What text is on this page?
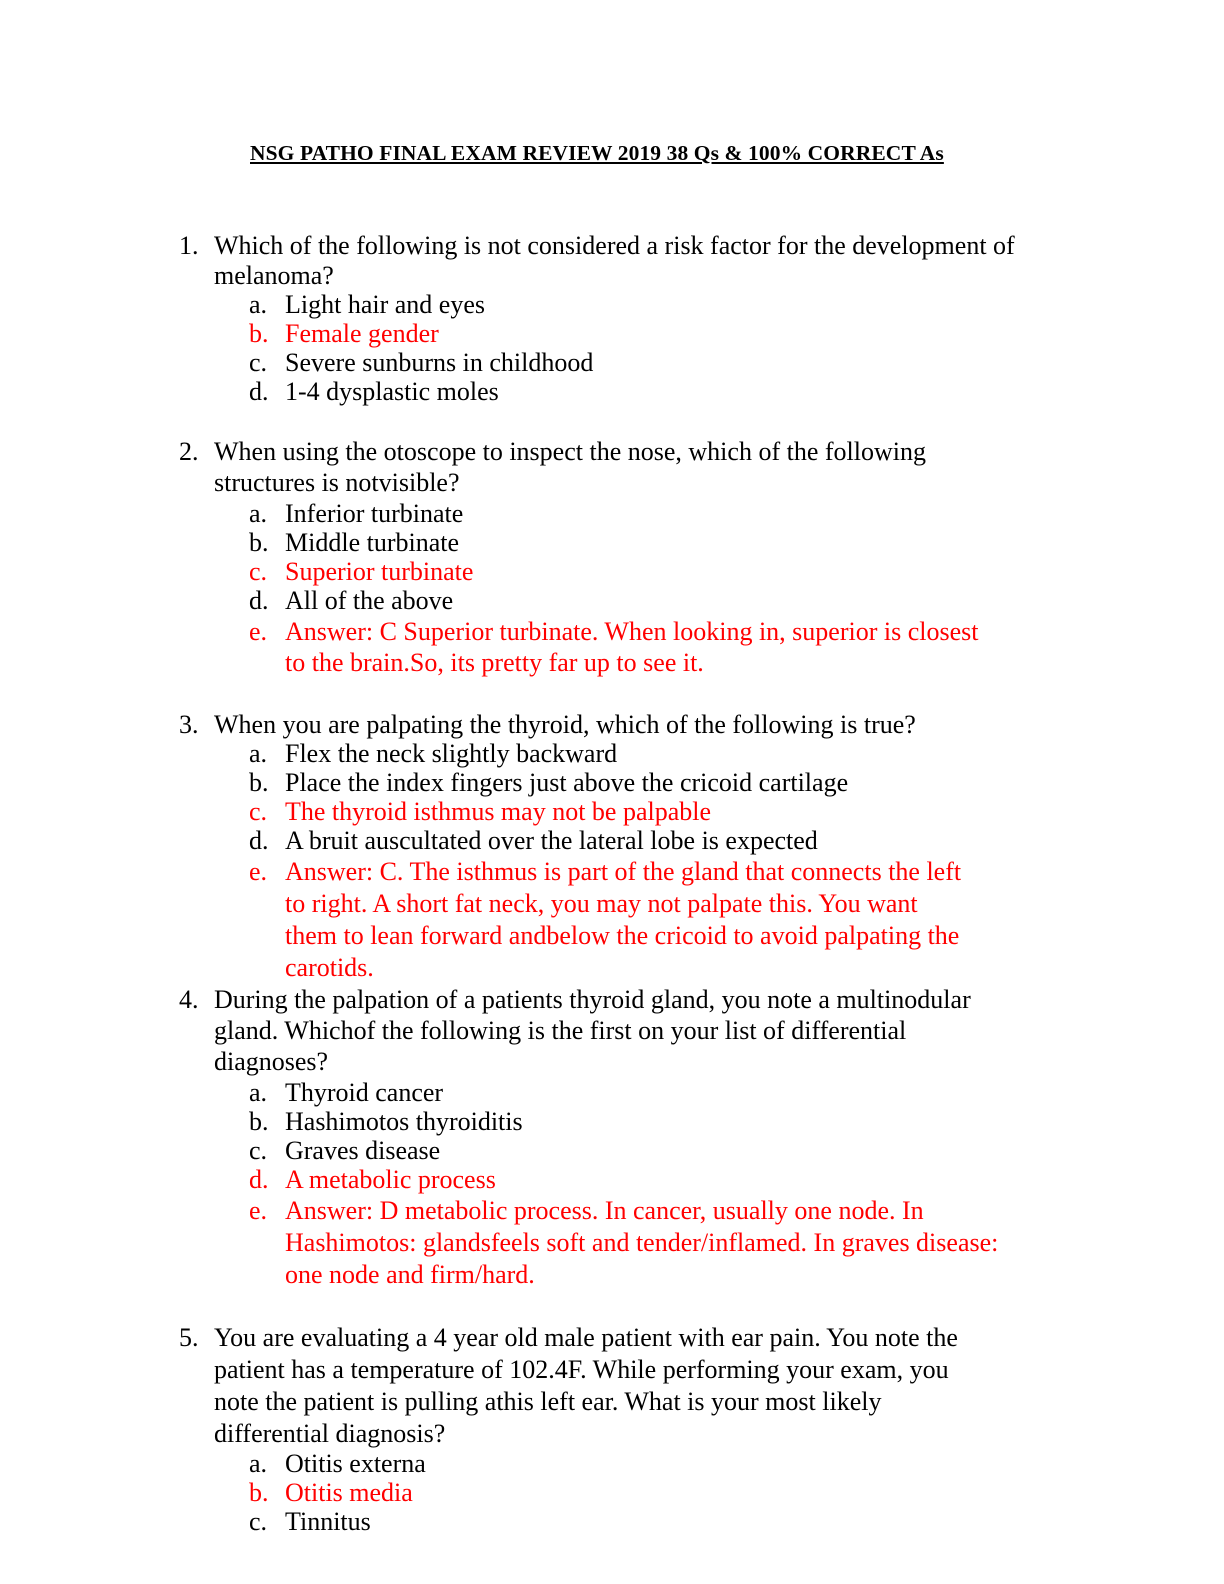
NSG PATHO FINAL EXAM REVIEW 2019 38 Qs & 100% CORRECT As
1. Which of the following is not considered a risk factor for the development of
melanoma?
a. Light hair and eyes
b. Female gender
c. Severe sunburns in childhood
d. 1-4 dysplastic moles
2. When using the otoscope to inspect the nose, which of the following
structures is notvisible?
a. Inferior turbinate
b. Middle turbinate
c. Superior turbinate
d. All of the above
e. Answer: C Superior turbinate. When looking in, superior is closest
to the brain.So, its pretty far up to see it.
3. When you are palpating the thyroid, which of the following is true?
a. Flex the neck slightly backward
b. Place the index fingers just above the cricoid cartilage
c. The thyroid isthmus may not be palpable
d. A bruit auscultated over the lateral lobe is expected
e. Answer: C. The isthmus is part of the gland that connects the left
to right. A short fat neck, you may not palpate this. You want
them to lean forward andbelow the cricoid to avoid palpating the
carotids.
4. During the palpation of a patients thyroid gland, you note a multinodular
gland. Whichof the following is the first on your list of differential
diagnoses?
a. Thyroid cancer
b. Hashimotos thyroiditis
c. Graves disease
d. A metabolic process
e. Answer: D metabolic process. In cancer, usually one node. In
Hashimotos: glandsfeels soft and tender/inflamed. In graves disease:
one node and firm/hard.
5. You are evaluating a 4 year old male patient with ear pain. You note the
patient has a temperature of 102.4F. While performing your exam, you
note the patient is pulling athis left ear. What is your most likely
differential diagnosis?
a. Otitis externa
b. Otitis media
c. Tinnitus
